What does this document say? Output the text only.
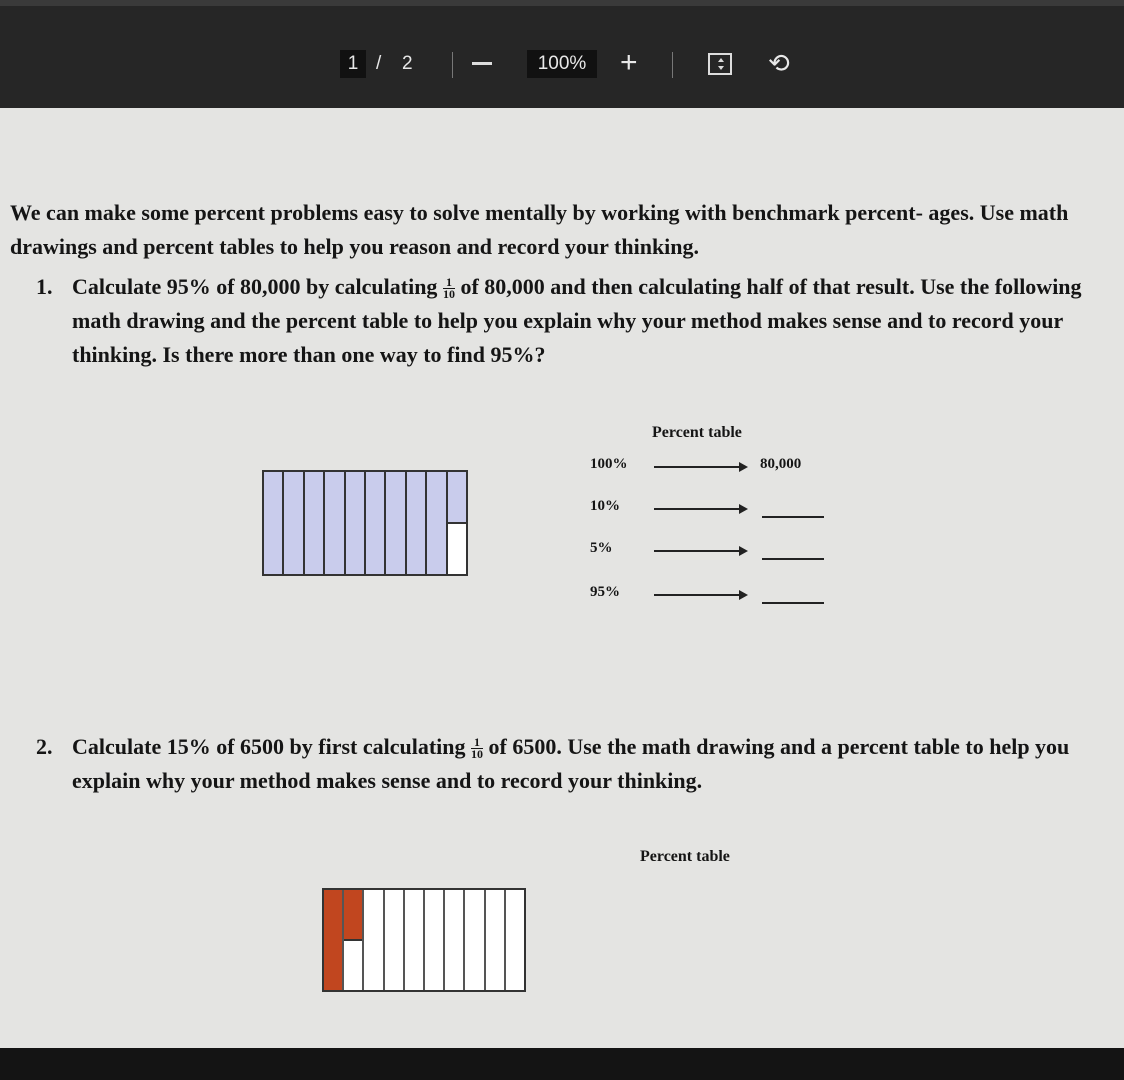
1 / 2	100%	+	⟲
We can make some percent problems easy to solve mentally by working with benchmark percent- ages. Use math drawings and percent tables to help you reason and record your thinking.
1. Calculate 95% of 80,000 by calculating $\frac{1}{10}$ of 80,000 and then calculating half of that result. Use the following math drawing and the percent table to help you explain why your method makes sense and to record your thinking. Is there more than one way to find 95%?
Percent table
100%	80,000
10%
5%
95%
2. Calculate 15% of 6500 by first calculating $\frac{1}{10}$ of 6500. Use the math drawing and a percent table to help you explain why your method makes sense and to record your thinking.
Percent table
